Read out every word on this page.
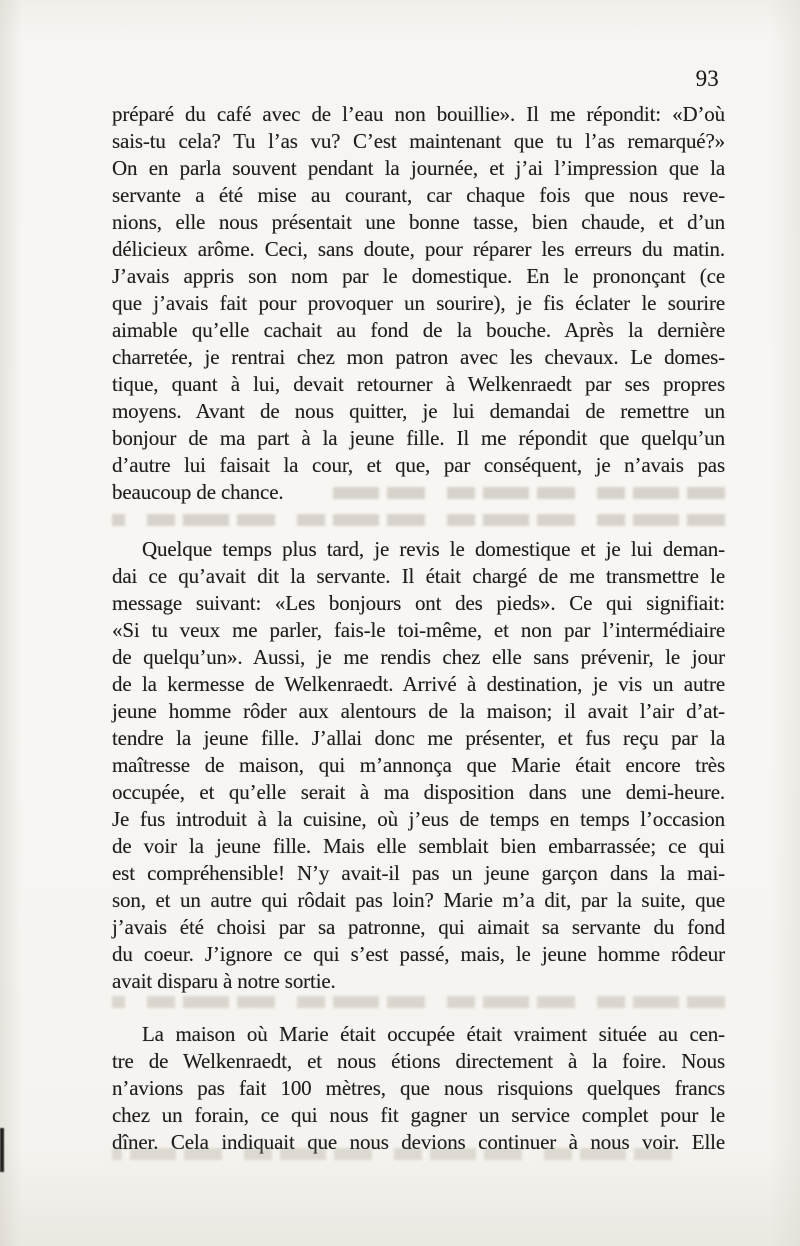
93
préparé du café avec de l’eau non bouillie». Il me répondit: «D’où
sais-tu cela? Tu l’as vu? C’est maintenant que tu l’as remarqué?»
On en parla souvent pendant la journée, et j’ai l’impression que la
servante a été mise au courant, car chaque fois que nous reve-
nions, elle nous présentait une bonne tasse, bien chaude, et d’un
délicieux arôme. Ceci, sans doute, pour réparer les erreurs du matin.
J’avais appris son nom par le domestique. En le prononçant (ce
que j’avais fait pour provoquer un sourire), je fis éclater le sourire
aimable qu’elle cachait au fond de la bouche. Après la dernière
charretée, je rentrai chez mon patron avec les chevaux. Le domes-
tique, quant à lui, devait retourner à Welkenraedt par ses propres
moyens. Avant de nous quitter, je lui demandai de remettre un
bonjour de ma part à la jeune fille. Il me répondit que quelqu’un
d’autre lui faisait la cour, et que, par conséquent, je n’avais pas
beaucoup de chance.
Quelque temps plus tard, je revis le domestique et je lui deman-
dai ce qu’avait dit la servante. Il était chargé de me transmettre le
message suivant: «Les bonjours ont des pieds». Ce qui signifiait:
«Si tu veux me parler, fais-le toi-même, et non par l’intermédiaire
de quelqu’un». Aussi, je me rendis chez elle sans prévenir, le jour
de la kermesse de Welkenraedt. Arrivé à destination, je vis un autre
jeune homme rôder aux alentours de la maison; il avait l’air d’at-
tendre la jeune fille. J’allai donc me présenter, et fus reçu par la
maîtresse de maison, qui m’annonça que Marie était encore très
occupée, et qu’elle serait à ma disposition dans une demi-heure.
Je fus introduit à la cuisine, où j’eus de temps en temps l’occasion
de voir la jeune fille. Mais elle semblait bien embarrassée; ce qui
est compréhensible! N’y avait-il pas un jeune garçon dans la mai-
son, et un autre qui rôdait pas loin? Marie m’a dit, par la suite, que
j’avais été choisi par sa patronne, qui aimait sa servante du fond
du coeur. J’ignore ce qui s’est passé, mais, le jeune homme rôdeur
avait disparu à notre sortie.
La maison où Marie était occupée était vraiment située au cen-
tre de Welkenraedt, et nous étions directement à la foire. Nous
n’avions pas fait 100 mètres, que nous risquions quelques francs
chez un forain, ce qui nous fit gagner un service complet pour le
dîner. Cela indiquait que nous devions continuer à nous voir. Elle
